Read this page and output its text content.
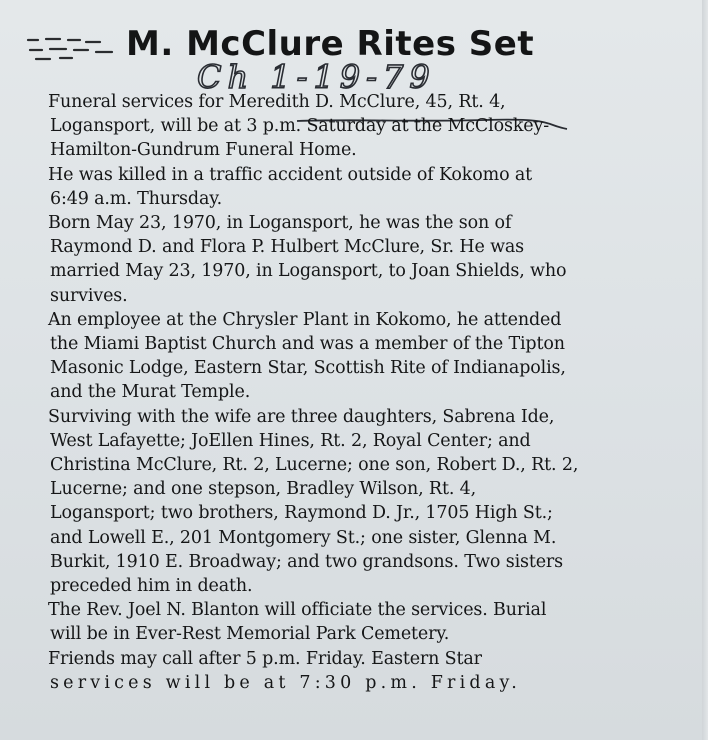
M. McClure Rites Set
Ch 1-19-79

Funeral services for Meredith D. McClure, 45, Rt. 4,
Logansport, will be at 3 p.m. Saturday at the McCloskey-
Hamilton-Gundrum Funeral Home.

He was killed in a traffic accident outside of Kokomo at
6:49 a.m. Thursday.

Born May 23, 1970, in Logansport, he was the son of
Raymond D. and Flora P. Hulbert McClure, Sr. He was
married May 23, 1970, in Logansport, to Joan Shields, who
survives.

An employee at the Chrysler Plant in Kokomo, he attended
the Miami Baptist Church and was a member of the Tipton
Masonic Lodge, Eastern Star, Scottish Rite of Indianapolis,
and the Murat Temple.

Surviving with the wife are three daughters, Sabrena Ide,
West Lafayette; JoEllen Hines, Rt. 2, Royal Center; and
Christina McClure, Rt. 2, Lucerne; one son, Robert D., Rt. 2,
Lucerne; and one stepson, Bradley Wilson, Rt. 4,
Logansport; two brothers, Raymond D. Jr., 1705 High St.;
and Lowell E., 201 Montgomery St.; one sister, Glenna M.
Burkit, 1910 E. Broadway; and two grandsons. Two sisters
preceded him in death.

The Rev. Joel N. Blanton will officiate the services. Burial
will be in Ever-Rest Memorial Park Cemetery.

Friends may call after 5 p.m. Friday. Eastern Star
services will be at 7:30 p.m. Friday.
